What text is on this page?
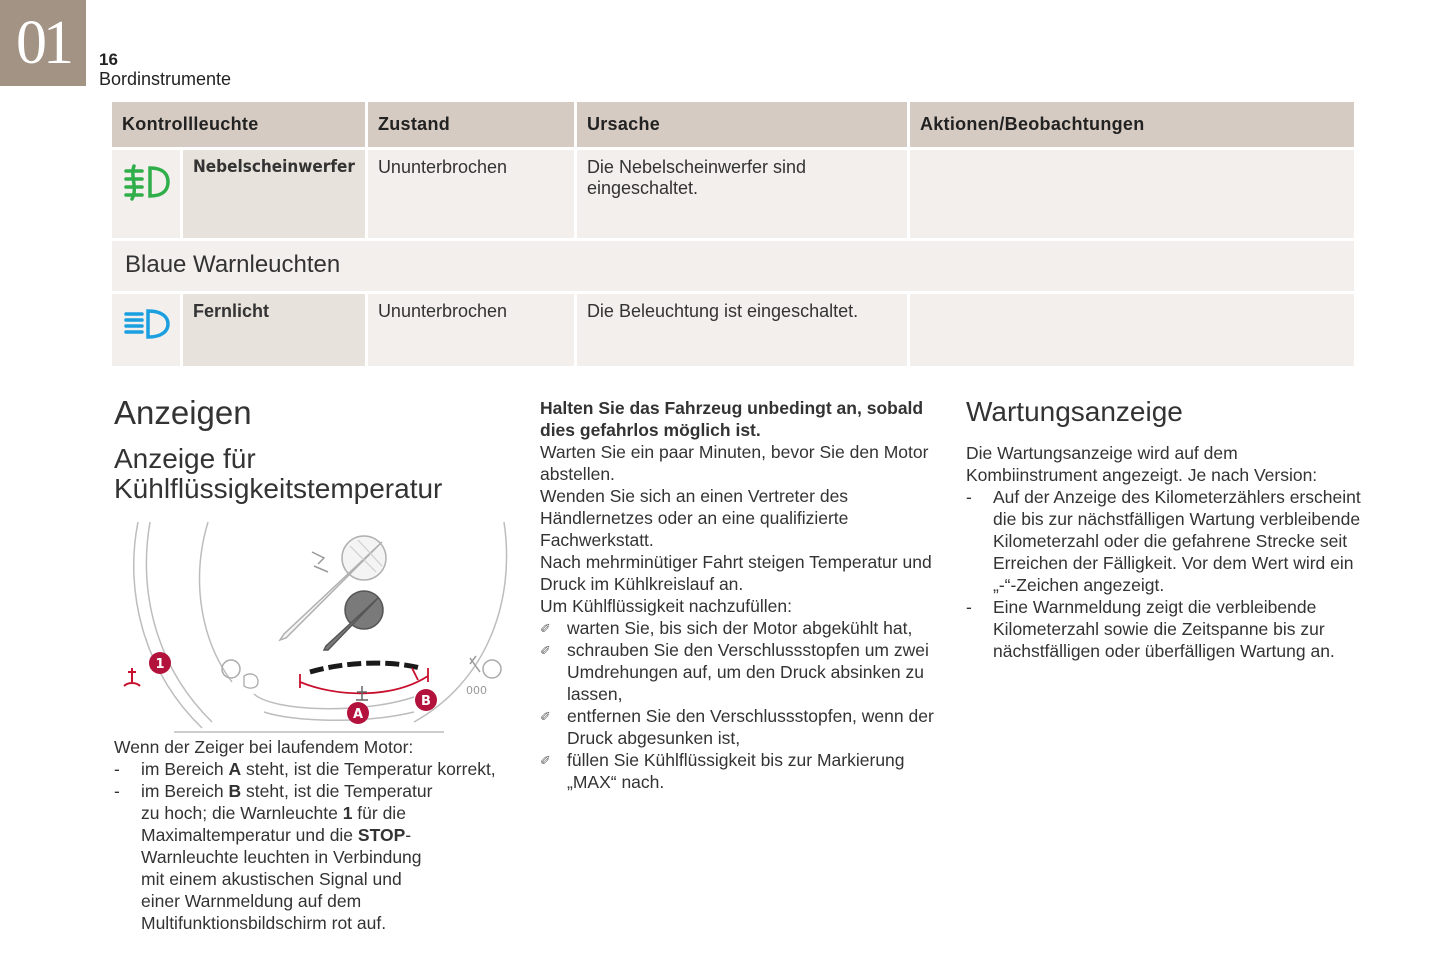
01	16
Bordinstrumente
Kontrollleuchte		Zustand	Ursache	Aktionen/Beobachtungen
	Nebelscheinwerfer	Ununterbrochen	Die Nebelscheinwerfer sind eingeschaltet.	
Blaue Warnleuchten				
	Fernlicht	Ununterbrochen	Die Beleuchtung ist eingeschaltet.	
Anzeigen
Anzeige für
Kühlflüssigkeitstemperatur
000
1
A
B
Wenn der Zeiger bei laufendem Motor:
- im Bereich A steht, ist die Temperatur korrekt,
- im Bereich B steht, ist die Temperatur zu hoch; die Warnleuchte 1 für die Maximaltemperatur und die STOP-Warnleuchte leuchten in Verbindung mit einem akustischen Signal und einer Warnmeldung auf dem Multifunktionsbildschirm rot auf.
Halten Sie das Fahrzeug unbedingt an, sobald dies gefahrlos möglich ist.
Warten Sie ein paar Minuten, bevor Sie den Motor abstellen.
Wenden Sie sich an einen Vertreter des Händlernetzes oder an eine qualifizierte Fachwerkstatt.
Nach mehrminütiger Fahrt steigen Temperatur und Druck im Kühlkreislauf an.
Um Kühlflüssigkeit nachzufüllen:
✐ warten Sie, bis sich der Motor abgekühlt hat,
✐ schrauben Sie den Verschlussstopfen um zwei Umdrehungen auf, um den Druck absinken zu lassen,
✐ entfernen Sie den Verschlussstopfen, wenn der Druck abgesunken ist,
✐ füllen Sie Kühlflüssigkeit bis zur Markierung „MAX“ nach.
Wartungsanzeige
Die Wartungsanzeige wird auf dem Kombiinstrument angezeigt. Je nach Version:
- Auf der Anzeige des Kilometerzählers erscheint die bis zur nächstfälligen Wartung verbleibende Kilometerzahl oder die gefahrene Strecke seit Erreichen der Fälligkeit. Vor dem Wert wird ein „-“-Zeichen angezeigt.
- Eine Warnmeldung zeigt die verbleibende Kilometerzahl sowie die Zeitspanne bis zur nächstfälligen oder überfälligen Wartung an.
